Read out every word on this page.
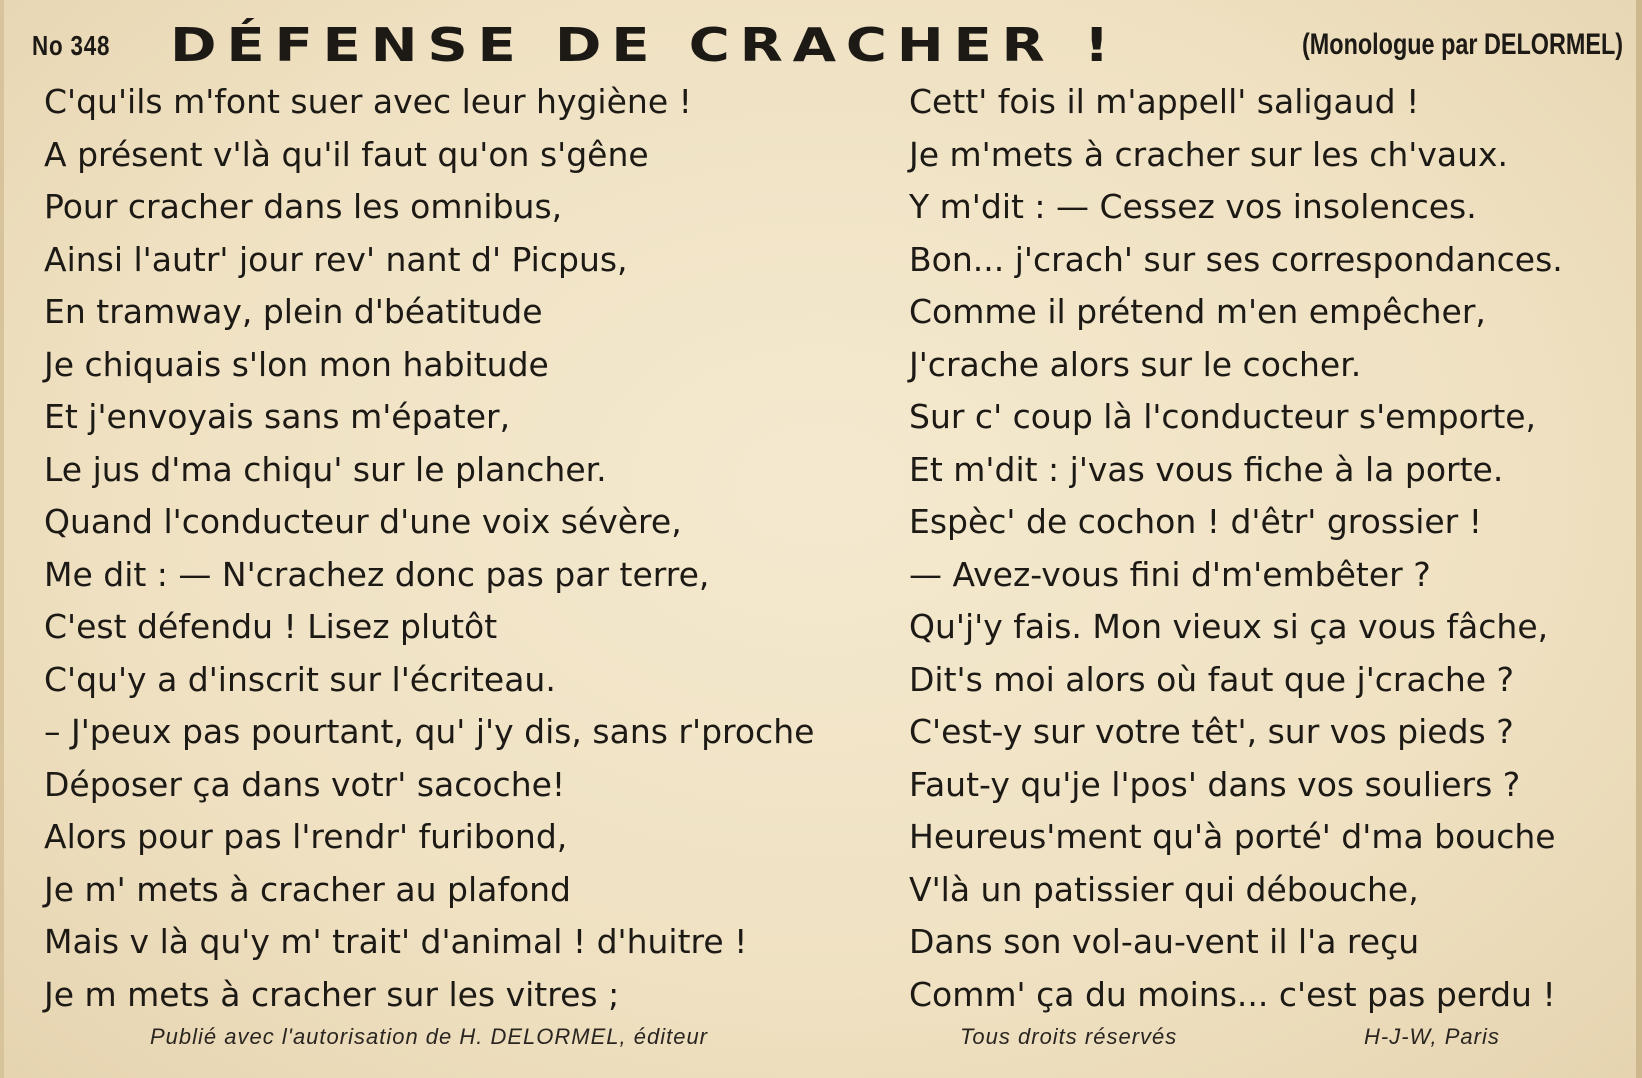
No 348 DÉFENSE DE CRACHER !	(Monologue par DELORMEL)
C'qu'ils m'font suer avec leur hygiène !
A présent v'là qu'il faut qu'on s'gêne
Pour cracher dans les omnibus,
Ainsi l'autr' jour rev' nant d' Picpus,
En tramway, plein d'béatitude
Je chiquais s'lon mon habitude
Et j'envoyais sans m'épater,
Le jus d'ma chiqu' sur le plancher.
Quand l'conducteur d'une voix sévère,
Me dit : — N'crachez donc pas par terre,
C'est défendu ! Lisez plutôt
C'qu'y a d'inscrit sur l'écriteau.
– J'peux pas pourtant, qu' j'y dis, sans r'proche
Déposer ça dans votr' sacoche!
Alors pour pas l'rendr' furibond,
Je m' mets à cracher au plafond
Mais v là qu'y m' trait' d'animal ! d'huitre !
Je m mets à cracher sur les vitres ;
Cett' fois il m'appell' saligaud !
Je m'mets à cracher sur les ch'vaux.
Y m'dit : — Cessez vos insolences.
Bon... j'crach' sur ses correspondances.
Comme il prétend m'en empêcher,
J'crache alors sur le cocher.
Sur c' coup là l'conducteur s'emporte,
Et m'dit : j'vas vous fiche à la porte.
Espèc' de cochon ! d'êtr' grossier !
— Avez-vous fini d'm'embêter ?
Qu'j'y fais. Mon vieux si ça vous fâche,
Dit's moi alors où faut que j'crache ?
C'est-y sur votre têt', sur vos pieds ?
Faut-y qu'je l'pos' dans vos souliers ?
Heureus'ment qu'à porté' d'ma bouche
V'là un patissier qui débouche,
Dans son vol-au-vent il l'a reçu
Comm' ça du moins... c'est pas perdu !
Publié avec l'autorisation de H. DELORMEL, éditeur	Tous droits réservés	H-J-W, Paris
